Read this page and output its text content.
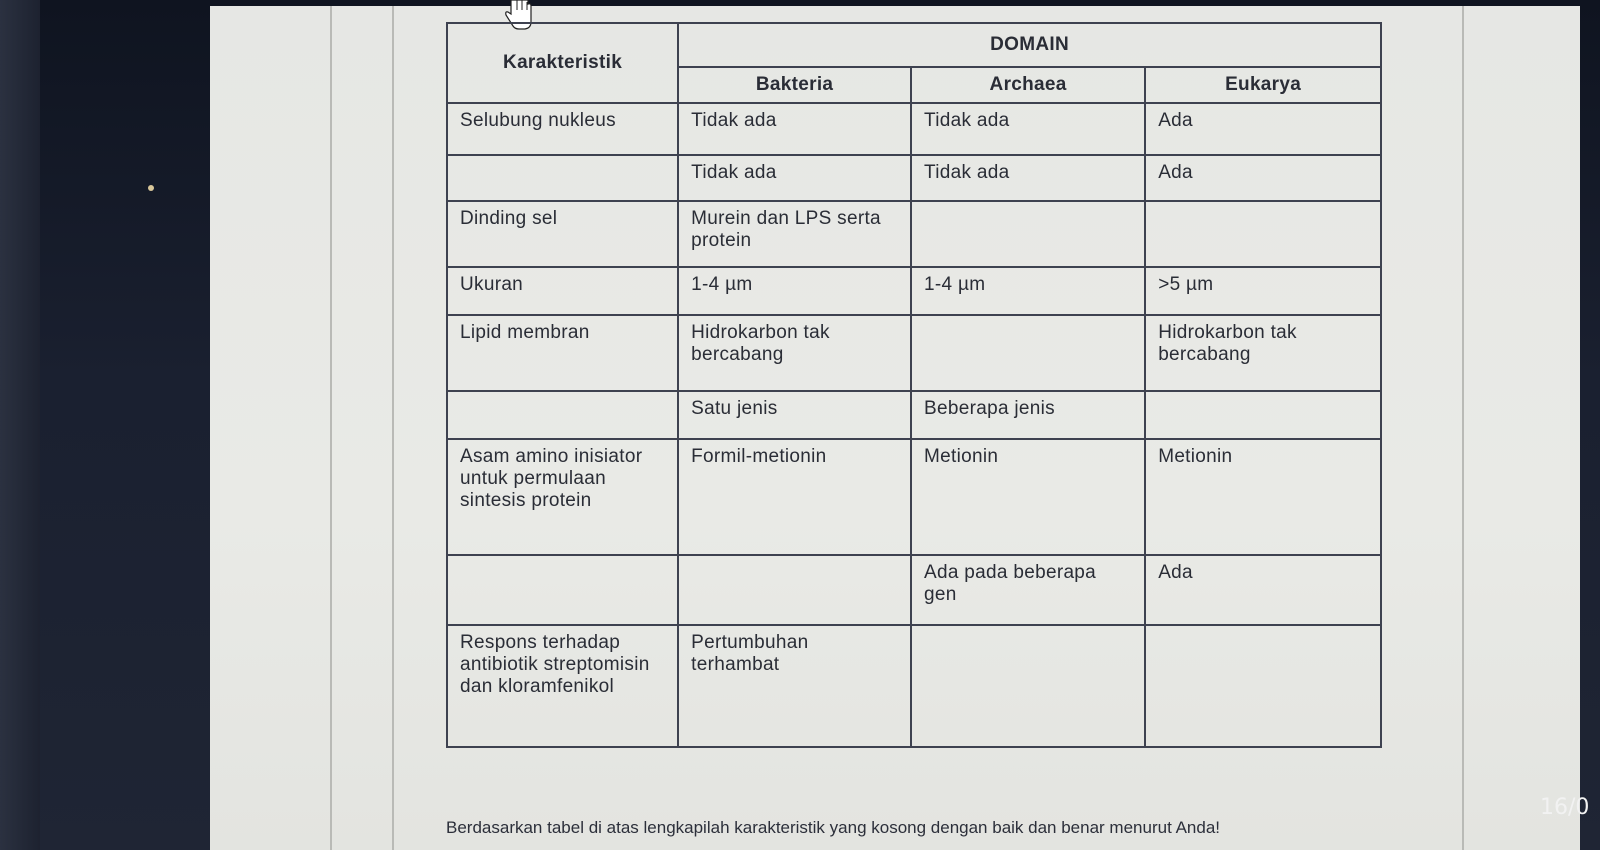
Karakteristik	DOMAIN		
	Bakteria	Archaea	Eukarya
Selubung nukleus	Tidak ada	Tidak ada	Ada
	Tidak ada	Tidak ada	Ada
Dinding sel	Murein dan LPS serta protein		
Ukuran	1-4 µm	1-4 µm	>5 µm
Lipid membran	Hidrokarbon tak bercabang		Hidrokarbon tak bercabang
	Satu jenis	Beberapa jenis	
Asam amino inisiator untuk permulaan sintesis protein	Formil-metionin	Metionin	Metionin
		Ada pada beberapa gen	Ada
Respons terhadap antibiotik streptomisin dan kloramfenikol	Pertumbuhan terhambat		
Berdasarkan tabel di atas lengkapilah karakteristik yang kosong dengan baik dan benar menurut Anda!
16/0
